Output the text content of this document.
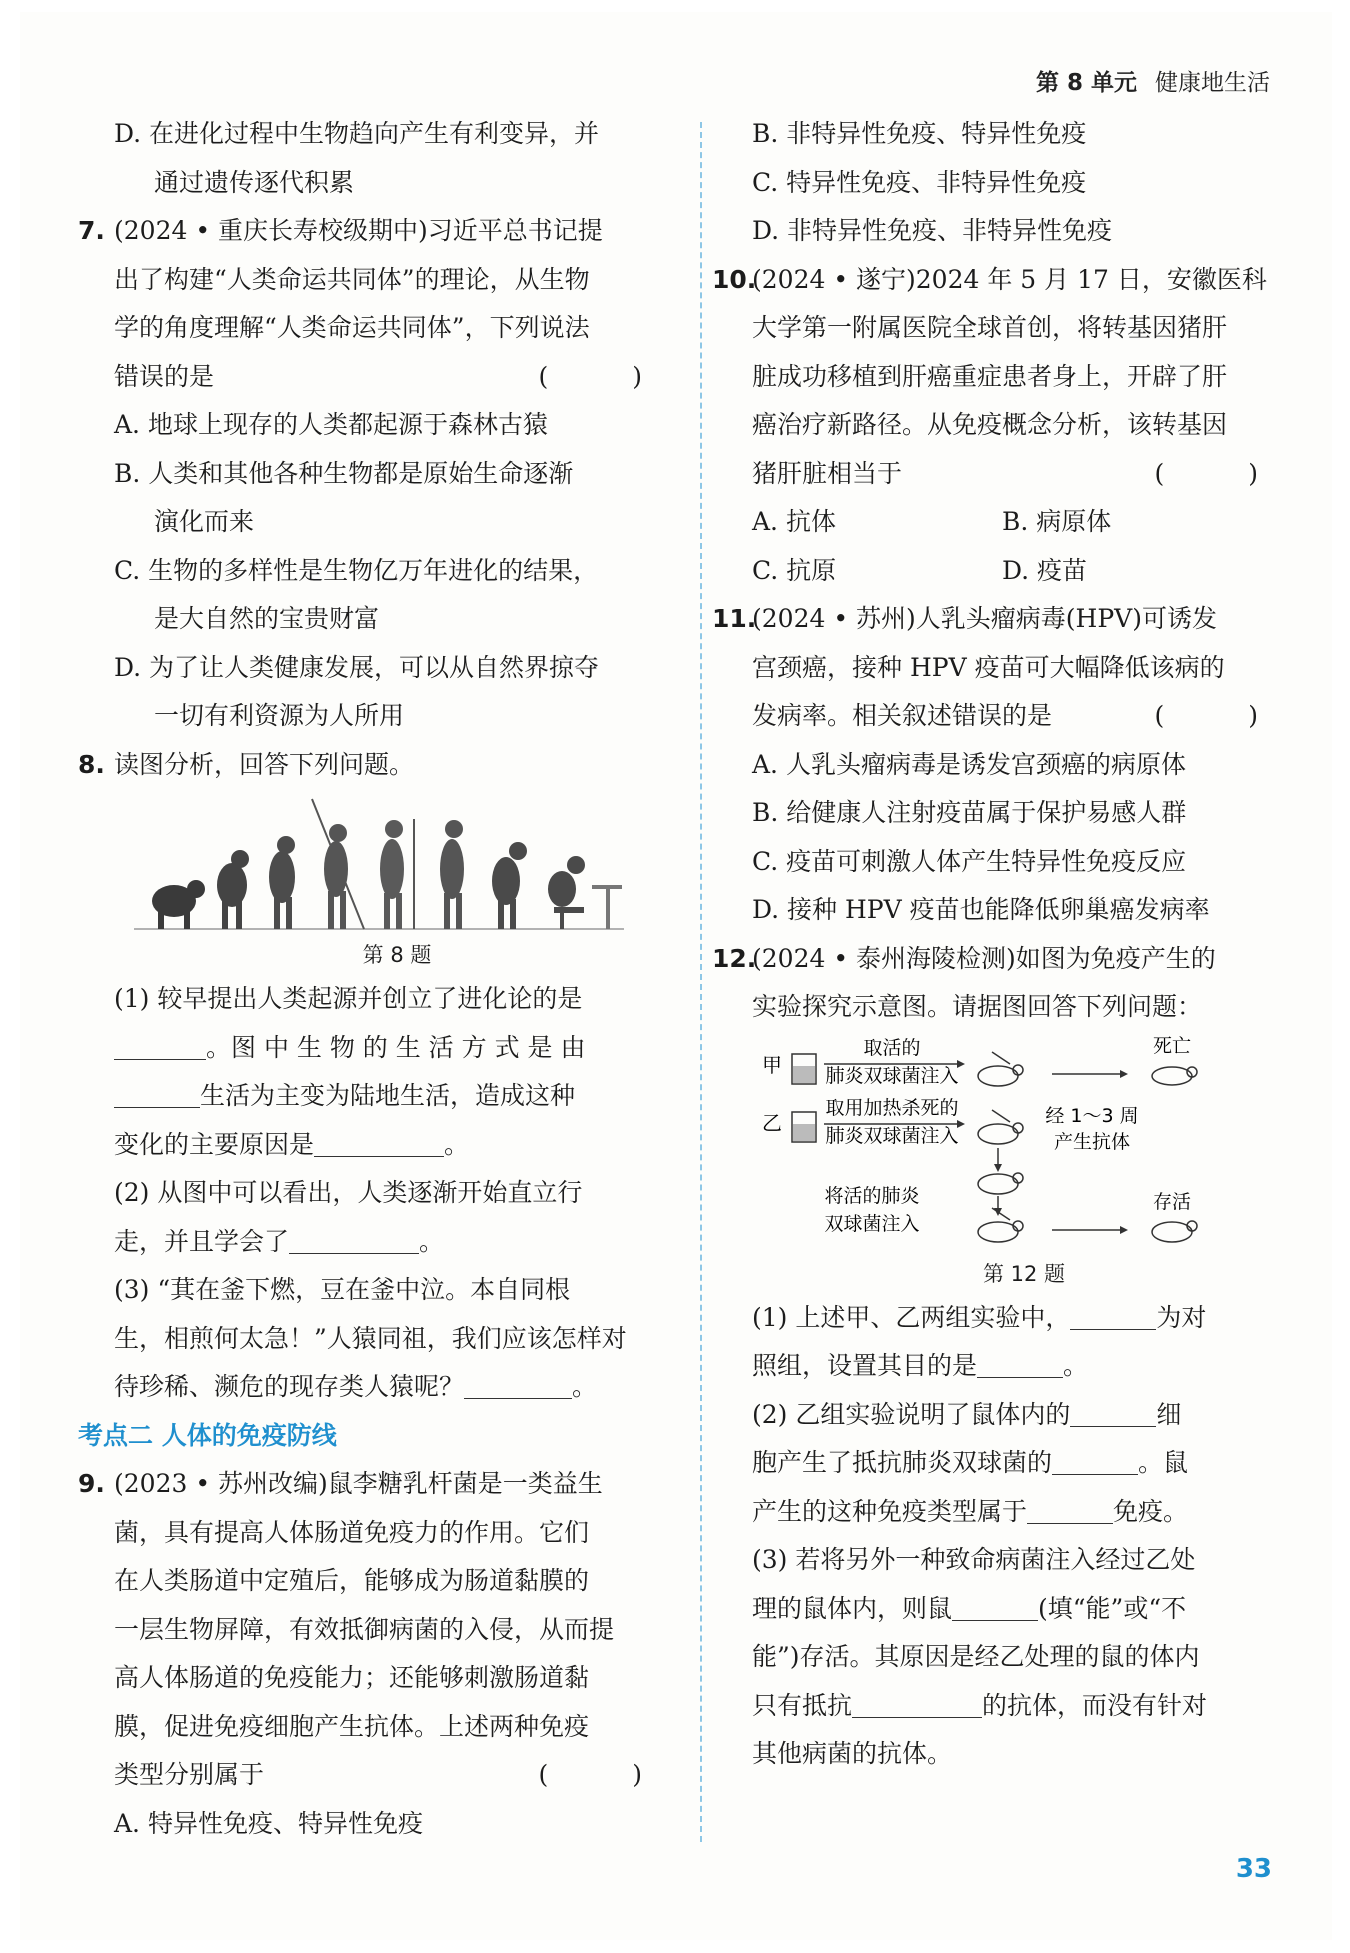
第 8 单元 健康地生活
D. 在进化过程中生物趋向产生有利变异，并
通过遗传逐代积累
7. (2024 • 重庆长寿校级期中)习近平总书记提
出了构建“人类命运共同体”的理论，从生物
学的角度理解“人类命运共同体”，下列说法
错误的是	( )
A. 地球上现存的人类都起源于森林古猿
B. 人类和其他各种生物都是原始生命逐渐
演化而来
C. 生物的多样性是生物亿万年进化的结果，
是大自然的宝贵财富
D. 为了让人类健康发展，可以从自然界掠夺
一切有利资源为人所用
8. 读图分析，回答下列问题。
第 8 题
(1) 较早提出人类起源并创立了进化论的是
。图 中 生 物 的 生 活 方 式 是 由
生活为主变为陆地生活，造成这种
变化的主要原因是	。
(2) 从图中可以看出，人类逐渐开始直立行
走，并且学会了	。
(3) “萁在釜下燃，豆在釜中泣。本自同根
生，相煎何太急！”人猿同祖，我们应该怎样对
待珍稀、濒危的现存类人猿呢？	。
考点二 人体的免疫防线
9. (2023 • 苏州改编)鼠李糖乳杆菌是一类益生
菌，具有提高人体肠道免疫力的作用。它们
在人类肠道中定殖后，能够成为肠道黏膜的
一层生物屏障，有效抵御病菌的入侵，从而提
高人体肠道的免疫能力；还能够刺激肠道黏
膜，促进免疫细胞产生抗体。上述两种免疫
类型分别属于	( )
A. 特异性免疫、特异性免疫
B. 非特异性免疫、特异性免疫
C. 特异性免疫、非特异性免疫
D. 非特异性免疫、非特异性免疫
10.
(2024 • 遂宁)2024 年 5 月 17 日，安徽医科
大学第一附属医院全球首创，将转基因猪肝
脏成功移植到肝癌重症患者身上，开辟了肝
癌治疗新路径。从免疫概念分析，该转基因
猪肝脏相当于	( )
A. 抗体	B. 病原体
C. 抗原	D. 疫苗
11.
(2024 • 苏州)人乳头瘤病毒(HPV)可诱发
宫颈癌，接种 HPV 疫苗可大幅降低该病的
发病率。相关叙述错误的是	( )
A. 人乳头瘤病毒是诱发宫颈癌的病原体
B. 给健康人注射疫苗属于保护易感人群
C. 疫苗可刺激人体产生特异性免疫反应
D. 接种 HPV 疫苗也能降低卵巢癌发病率
12.
(2024 • 泰州海陵检测)如图为免疫产生的
实验探究示意图。请据图回答下列问题：
甲
取活的
肺炎双球菌注入
死亡
乙
取用加热杀死的
肺炎双球菌注入
经 1～3 周
产生抗体
将活的肺炎
双球菌注入
存活
第 12 题
(1) 上述甲、乙两组实验中，	为对
照组，设置其目的是	。
(2) 乙组实验说明了鼠体内的	细
胞产生了抵抗肺炎双球菌的	。鼠
产生的这种免疫类型属于	免疫。
(3) 若将另外一种致命病菌注入经过乙处
理的鼠体内，则鼠	(填“能”或“不
能”)存活。其原因是经乙处理的鼠的体内
只有抵抗	的抗体，而没有针对
其他病菌的抗体。
33
